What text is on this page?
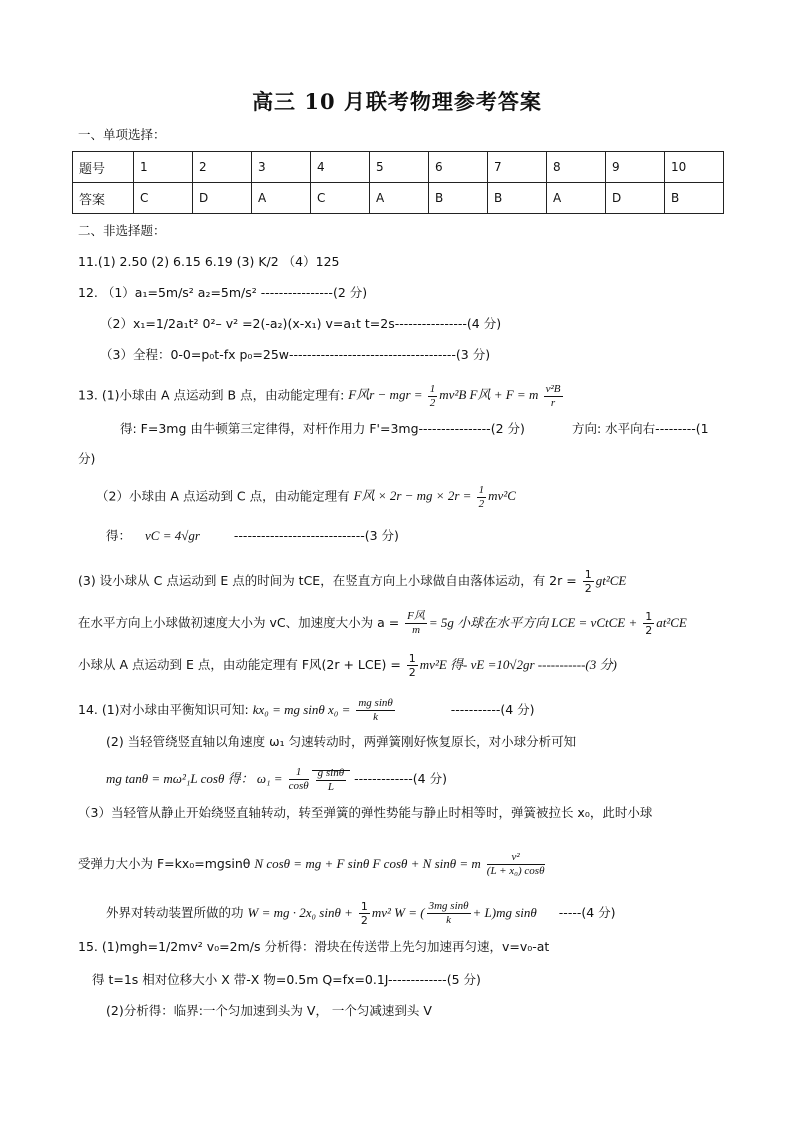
高三 10 月联考物理参考答案
一、单项选择：
题号	1	2	3	4	5	6	7	8	9	10
答案	C	D	A	C	A	B	B	A	D	B
二、非选择题：
11.(1) 2.50 (2) 6.15 6.19 (3) K/2 （4）125
12. （1）a₁=5m/s² a₂=5m/s² ----------------(2 分)
（2）x₁=1/2a₁t² 0²– v² =2(-a₂)(x-x₁) v=a₁t t=2s----------------(4 分)
（3）全程：0-0=p₀t-fx p₀=25w-------------------------------------(3 分)
13. (1)小球由 A 点运动到 B 点，由动能定理有: F风r − mgr = $\frac{1}{2} mv^2B$ F风 + F = m $\frac{\text{v²B}}{r}$
得: F=3mg 由牛顿第三定律得，对杆作用力 F'=3mg----------------(2 分)	方向: 水平向右---------(1
分)
（2）小球由 A 点运动到 C 点，由动能定理有 F风 × 2r − mg × $2r = \frac{1}{2} mv^2C$
得： vC = 4√gr	-----------------------------(3 分)
(3) 设小球从 C 点运动到 E 点的时间为 tCE，在竖直方向上小球做自由落体运动，有 $2r = \frac{1}{2} gt^2CE$
在水平方向上小球做初速度大小为 vC、加速度大小为 $a = \frac{\text{F风}}{m} = 5g$ 小球在水平方向 LCE = vCtCE + $\frac{1}{2} at^2CE$
小球从 A 点运动到 E 点，由动能定理有 F风$(2r + LCE) = \frac{1}{2} mv^2E$ 得- vE =10√2gr -----------(3 分)
14. (1)对小球由平衡知识可知: kx₀ = mg sinθ $x_0 = \frac{\text{mg sinθ}}{k}$	-----------(4 分)
(2) 当轻管绕竖直轴以角速度 ω₁ 匀速转动时，两弹簧刚好恢复原长，对小球分析可知
mg tanθ = mω²₁L cosθ 得： $\omega_1 = \frac{1}{\cos\theta} \frac{\text{g sinθ}}{L} -------------(4$ 分)
（3）当轻管从静止开始绕竖直轴转动，转至弹簧的弹性势能与静止时相等时，弹簧被拉长 x₀，此时小球
受弹力大小为 F=kx₀=mgsinθ N cosθ = mg + F sinθ F cosθ + N sinθ = m $\frac{\text{v²}}{\text{(L + x₀) cosθ}}$
外界对转动装置所做的功 W = mg · 2x₀ $\sin\theta + \frac{1}{2} mv^2$ W = ( $\frac{\text{3mg sinθ}}{k} + L)mg$ sinθ -----(4 分)
15. (1)mgh=1/2mv² v₀=2m/s 分析得：滑块在传送带上先匀加速再匀速，v=v₀-at
得 t=1s 相对位移大小 X 带-X 物=0.5m Q=fx=0.1J-------------(5 分)
(2)分析得：临界:一个匀加速到头为 V， 一个匀减速到头 V
